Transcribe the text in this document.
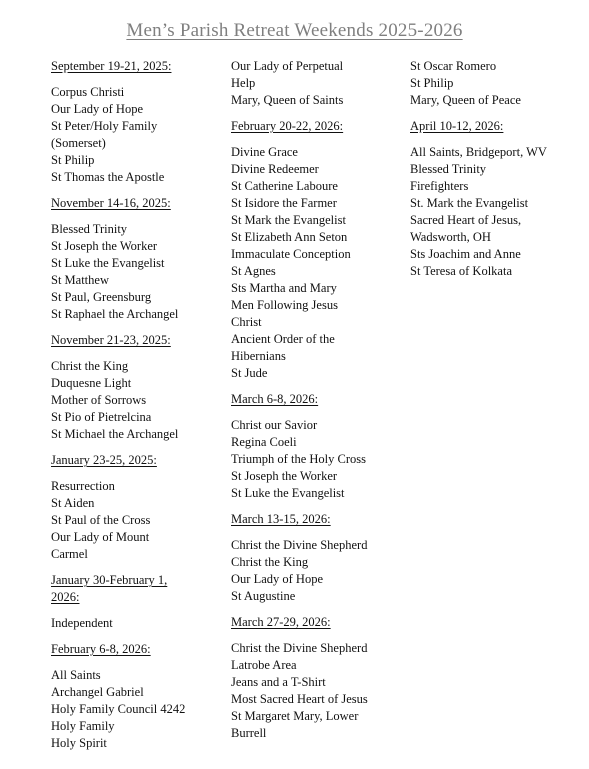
Men’s Parish Retreat Weekends 2025-2026
September 19-21, 2025:
Corpus Christi
Our Lady of Hope
St Peter/Holy Family
(Somerset)
St Philip
St Thomas the Apostle
November 14-16, 2025:
Blessed Trinity
St Joseph the Worker
St Luke the Evangelist
St Matthew
St Paul, Greensburg
St Raphael the Archangel
November 21-23, 2025:
Christ the King
Duquesne Light
Mother of Sorrows
St Pio of Pietrelcina
St Michael the Archangel
January 23-25, 2025:
Resurrection
St Aiden
St Paul of the Cross
Our Lady of Mount
Carmel
January 30-February 1,
2026:
Independent
February 6-8, 2026:
All Saints
Archangel Gabriel
Holy Family Council 4242
Holy Family
Holy Spirit
Our Lady of Perpetual
Help
Mary, Queen of Saints
February 20-22, 2026:
Divine Grace
Divine Redeemer
St Catherine Laboure
St Isidore the Farmer
St Mark the Evangelist
St Elizabeth Ann Seton
Immaculate Conception
St Agnes
Sts Martha and Mary
Men Following Jesus
Christ
Ancient Order of the
Hibernians
St Jude
March 6-8, 2026:
Christ our Savior
Regina Coeli
Triumph of the Holy Cross
St Joseph the Worker
St Luke the Evangelist
March 13-15, 2026:
Christ the Divine Shepherd
Christ the King
Our Lady of Hope
St Augustine
March 27-29, 2026:
Christ the Divine Shepherd
Latrobe Area
Jeans and a T-Shirt
Most Sacred Heart of Jesus
St Margaret Mary, Lower
Burrell
St Oscar Romero
St Philip
Mary, Queen of Peace
April 10-12, 2026:
All Saints, Bridgeport, WV
Blessed Trinity
Firefighters
St. Mark the Evangelist
Sacred Heart of Jesus,
Wadsworth, OH
Sts Joachim and Anne
St Teresa of Kolkata
